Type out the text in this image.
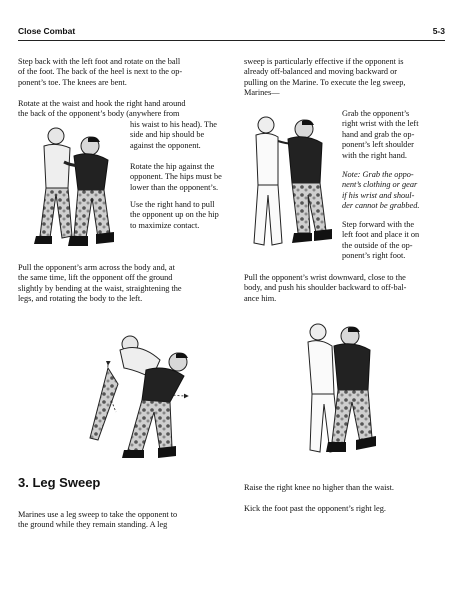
Close Combat	5-3
Step back with the left foot and rotate on the ball
of the foot. The back of the heel is next to the op-
ponent’s toe. The knees are bent.
Rotate at the waist and hook the right hand around
the back of the opponent’s body (anywhere from
his waist to his head). The
side and hip should be
against the opponent.
Rotate the hip against the
opponent. The hips must be
lower than the opponent’s.
Use the right hand to pull
the opponent up on the hip
to maximize contact.
Pull the opponent’s arm across the body and, at
the same time, lift the opponent off the ground
slightly by bending at the waist, straightening the
legs, and rotating the body to the left.
3. Leg Sweep
Marines use a leg sweep to take the opponent to
the ground while they remain standing. A leg
sweep is particularly effective if the opponent is
already off-balanced and moving backward or
pulling on the Marine. To execute the leg sweep,
Marines—
Grab the opponent’s
right wrist with the left
hand and grab the op-
ponent’s left shoulder
with the right hand.
Note: Grab the oppo-
nent’s clothing or gear
if his wrist and shoul-
der cannot be grabbed.
Step forward with the
left foot and place it on
the outside of the op-
ponent’s right foot.
Pull the opponent’s wrist downward, close to the
body, and push his shoulder backward to off-bal-
ance him.
Raise the right knee no higher than the waist.
Kick the foot past the opponent’s right leg.
